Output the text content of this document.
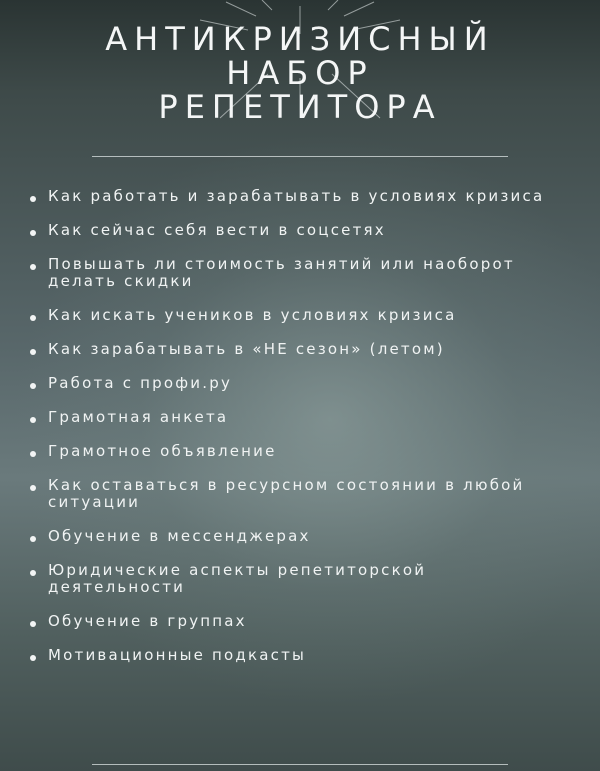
АНТИКРИЗИСНЫЙ
НАБОР
РЕПЕТИТОРА
Как работать и зарабатывать в условиях кризиса
Как сейчас себя вести в соцсетях
Повышать ли стоимость занятий или наоборот делать скидки
Как искать учеников в условиях кризиса
Как зарабатывать в «НЕ сезон» (летом)
Работа с профи.ру
Грамотная анкета
Грамотное объявление
Как оставаться в ресурсном состоянии в любой ситуации
Обучение в мессенджерах
Юридические аспекты репетиторской деятельности
Обучение в группах
Мотивационные подкасты
